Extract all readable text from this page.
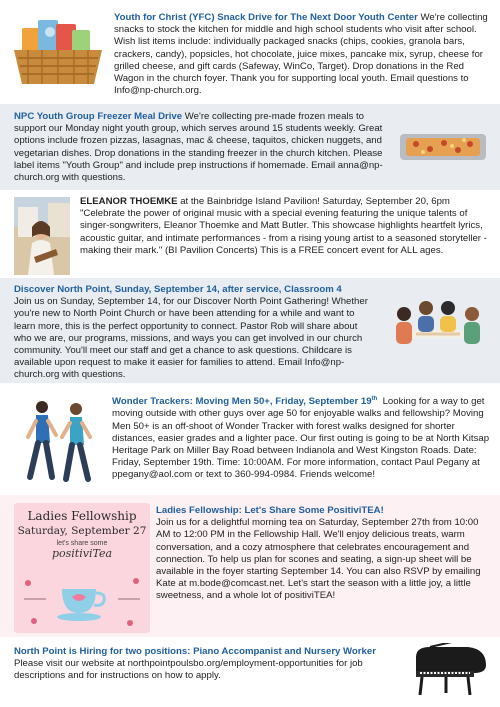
Youth for Christ (YFC) Snack Drive for The Next Door Youth Center We're collecting snacks to stock the kitchen for middle and high school students who visit after school. Wish list items include: individually packaged snacks (chips, cookies, granola bars, crackers, candy), popsicles, hot chocolate, juice mixes, pancake mix, syrup, cheese for grilled cheese, and gift cards (Safeway, WinCo, Target). Drop donations in the Red Wagon in the church foyer. Thank you for supporting local youth. Email questions to Info@np-church.org.
NPC Youth Group Freezer Meal Drive We're collecting pre-made frozen meals to support our Monday night youth group, which serves around 15 students weekly. Great options include frozen pizzas, lasagnas, mac & cheese, taquitos, chicken nuggets, and vegetarian dishes. Drop donations in the standing freezer in the church kitchen. Please label items "Youth Group" and include prep instructions if homemade. Email anna@np-church.org with questions.
ELEANOR THOEMKE at the Bainbridge Island Pavilion! Saturday, September 20, 6pm "Celebrate the power of original music with a special evening featuring the unique talents of singer-songwriters, Eleanor Thoemke and Matt Butler. This showcase highlights heartfelt lyrics, acoustic guitar, and intimate performances - from a rising young artist to a seasoned storyteller - making their mark." (BI Pavilion Concerts) This is a FREE concert event for ALL ages.
Discover North Point, Sunday, September 14, after service, Classroom 4
Join us on Sunday, September 14, for our Discover North Point Gathering! Whether you're new to North Point Church or have been attending for a while and want to learn more, this is the perfect opportunity to connect. Pastor Rob will share about who we are, our programs, missions, and ways you can get involved in our church community. You'll meet our staff and get a chance to ask questions. Childcare is available upon request to make it easier for families to attend. Email Info@np-church.org with questions.
Wonder Trackers: Moving Men 50+, Friday, September 19th Looking for a way to get moving outside with other guys over age 50 for enjoyable walks and fellowship? Moving Men 50+ is an off-shoot of Wonder Tracker with forest walks designed for shorter distances, easier grades and a lighter pace. Our first outing is going to be at North Kitsap Heritage Park on Miller Bay Road between Indianola and West Kingston Roads. Date: Friday, September 19th. Time: 10:00AM. For more information, contact Paul Pegany at ppegany@aol.com or text to 360-994-0984. Friends welcome!
Ladies Fellowship
Saturday, September 27
let's share some
positiviTea
Ladies Fellowship: Let's Share Some PositiviTEA!
Join us for a delightful morning tea on Saturday, September 27th from 10:00 AM to 12:00 PM in the Fellowship Hall. We'll enjoy delicious treats, warm conversation, and a cozy atmosphere that celebrates encouragement and connection. To help us plan for scones and seating, a sign-up sheet will be available in the foyer starting September 14. You can also RSVP by emailing Kate at m.bode@comcast.net. Let's start the season with a little joy, a little sweetness, and a whole lot of positiviTEA!
North Point is Hiring for two positions: Piano Accompanist and Nursery Worker
Please visit our website at northpointpoulsbo.org/employment-opportunities for job descriptions and for instructions on how to apply.
